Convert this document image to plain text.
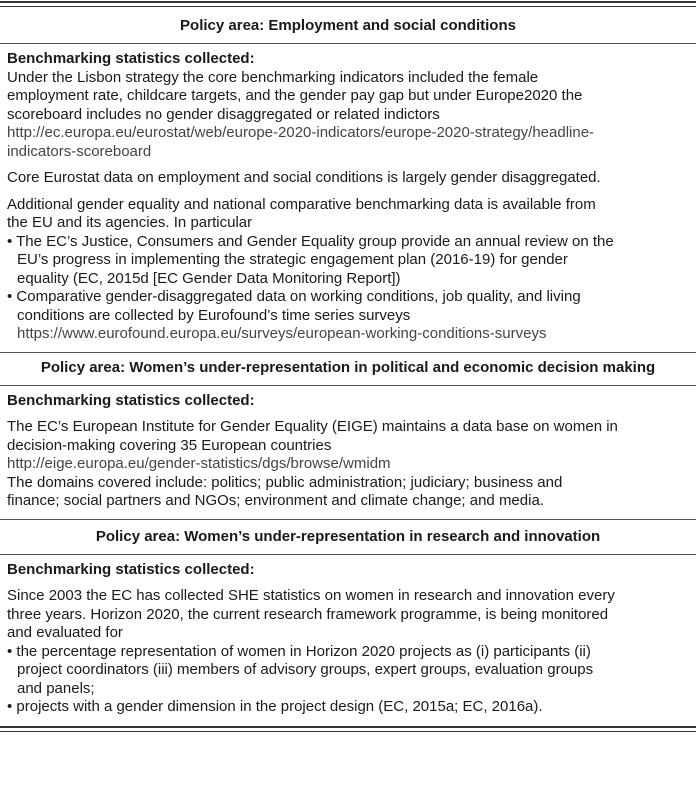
Policy area: Employment and social conditions
Benchmarking statistics collected:
Under the Lisbon strategy the core benchmarking indicators included the female
employment rate, childcare targets, and the gender pay gap but under Europe2020 the
scoreboard includes no gender disaggregated or related indictors
http://ec.europa.eu/eurostat/web/europe-2020-indicators/europe-2020-strategy/headline-
indicators-scoreboard
Core Eurostat data on employment and social conditions is largely gender disaggregated.
Additional gender equality and national comparative benchmarking data is available from
the EU and its agencies. In particular
• The EC’s Justice, Consumers and Gender Equality group provide an annual review on the
EU’s progress in implementing the strategic engagement plan (2016-19) for gender
equality (EC, 2015d [EC Gender Data Monitoring Report])
• Comparative gender-disaggregated data on working conditions, job quality, and living
conditions are collected by Eurofound’s time series surveys
https://www.eurofound.europa.eu/surveys/european-working-conditions-surveys
Policy area: Women’s under-representation in political and economic decision making
Benchmarking statistics collected:
The EC’s European Institute for Gender Equality (EIGE) maintains a data base on women in
decision-making covering 35 European countries
http://eige.europa.eu/gender-statistics/dgs/browse/wmidm
The domains covered include: politics; public administration; judiciary; business and
finance; social partners and NGOs; environment and climate change; and media.
Policy area: Women’s under-representation in research and innovation
Benchmarking statistics collected:
Since 2003 the EC has collected SHE statistics on women in research and innovation every
three years. Horizon 2020, the current research framework programme, is being monitored
and evaluated for
• the percentage representation of women in Horizon 2020 projects as (i) participants (ii)
project coordinators (iii) members of advisory groups, expert groups, evaluation groups
and panels;
• projects with a gender dimension in the project design (EC, 2015a; EC, 2016a).
